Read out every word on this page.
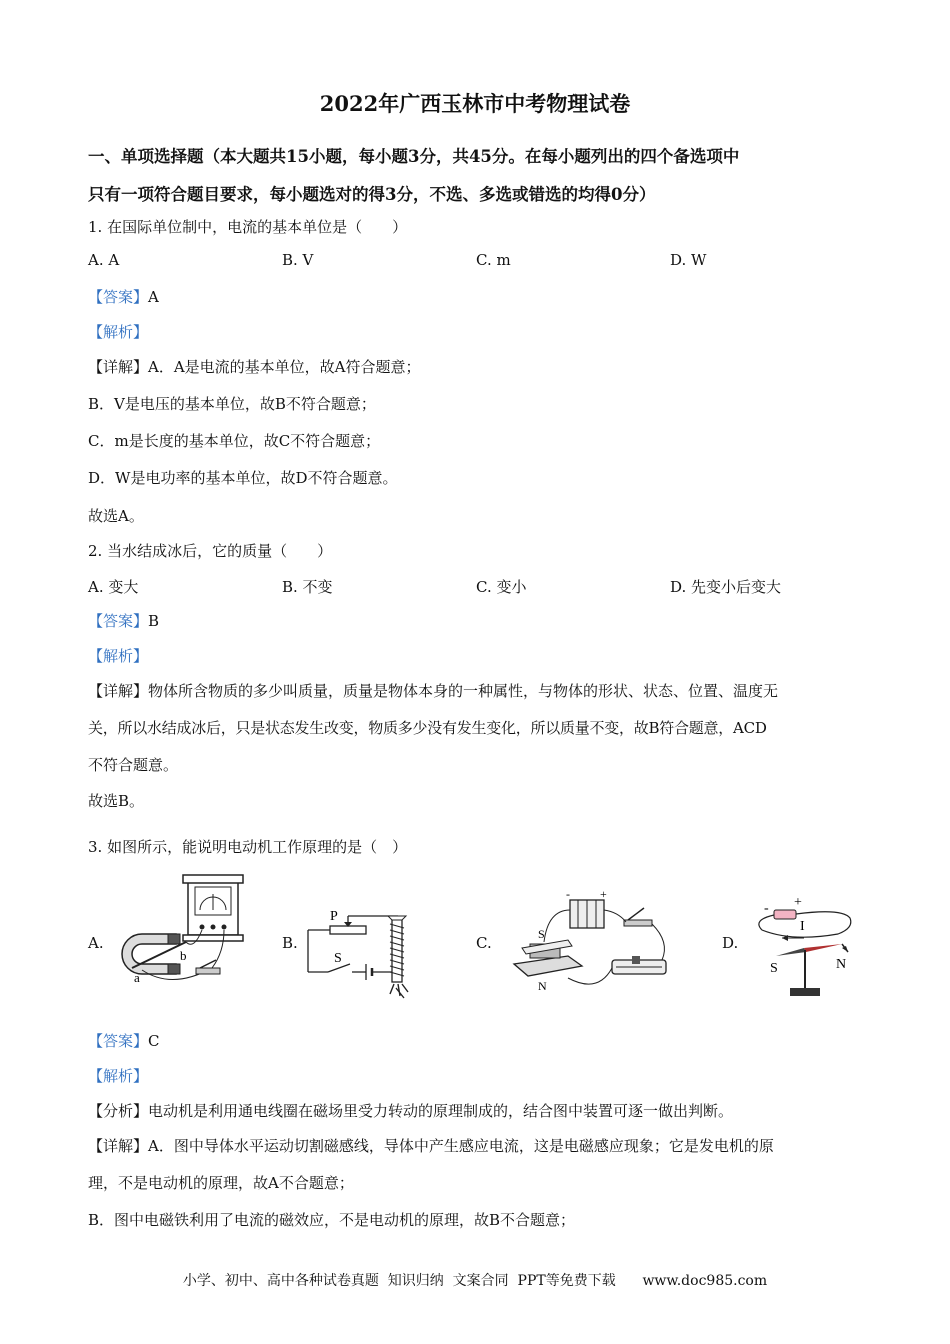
2022年广西玉林市中考物理试卷
一、单项选择题（本大题共15小题，每小题3分，共45分。在每小题列出的四个备选项中
只有一项符合题目要求，每小题选对的得3分，不选、多选或错选的均得0分）
1. 在国际单位制中，电流的基本单位是（　　）
A. A	B. V	C. m	D. W
【答案】A
【解析】
【详解】A．A是电流的基本单位，故A符合题意；
B．V是电压的基本单位，故B不符合题意；
C．m是长度的基本单位，故C不符合题意；
D．W是电功率的基本单位，故D不符合题意。
故选A。
2. 当水结成冰后，它的质量（　　）
A. 变大	B. 不变	C. 变小	D. 先变小后变大
【答案】B
【解析】
【详解】物体所含物质的多少叫质量，质量是物体本身的一种属性，与物体的形状、状态、位置、温度无
关，所以水结成冰后，只是状态发生改变，物质多少没有发生变化，所以质量不变，故B符合题意，ACD
不符合题意。
故选B。
3. 如图所示，能说明电动机工作原理的是（　）
A.	B.	C.	D.
b
a
P
S
-	+
S
N
- +
I
S	N
【答案】C
【解析】
【分析】电动机是利用通电线圈在磁场里受力转动的原理制成的，结合图中装置可逐一做出判断。
【详解】A．图中导体水平运动切割磁感线，导体中产生感应电流，这是电磁感应现象；它是发电机的原
理，不是电动机的原理，故A不合题意；
B．图中电磁铁利用了电流的磁效应，不是电动机的原理，故B不合题意；
小学、初中、高中各种试卷真题  知识归纳  文案合同  PPT等免费下载      www.doc985.com
